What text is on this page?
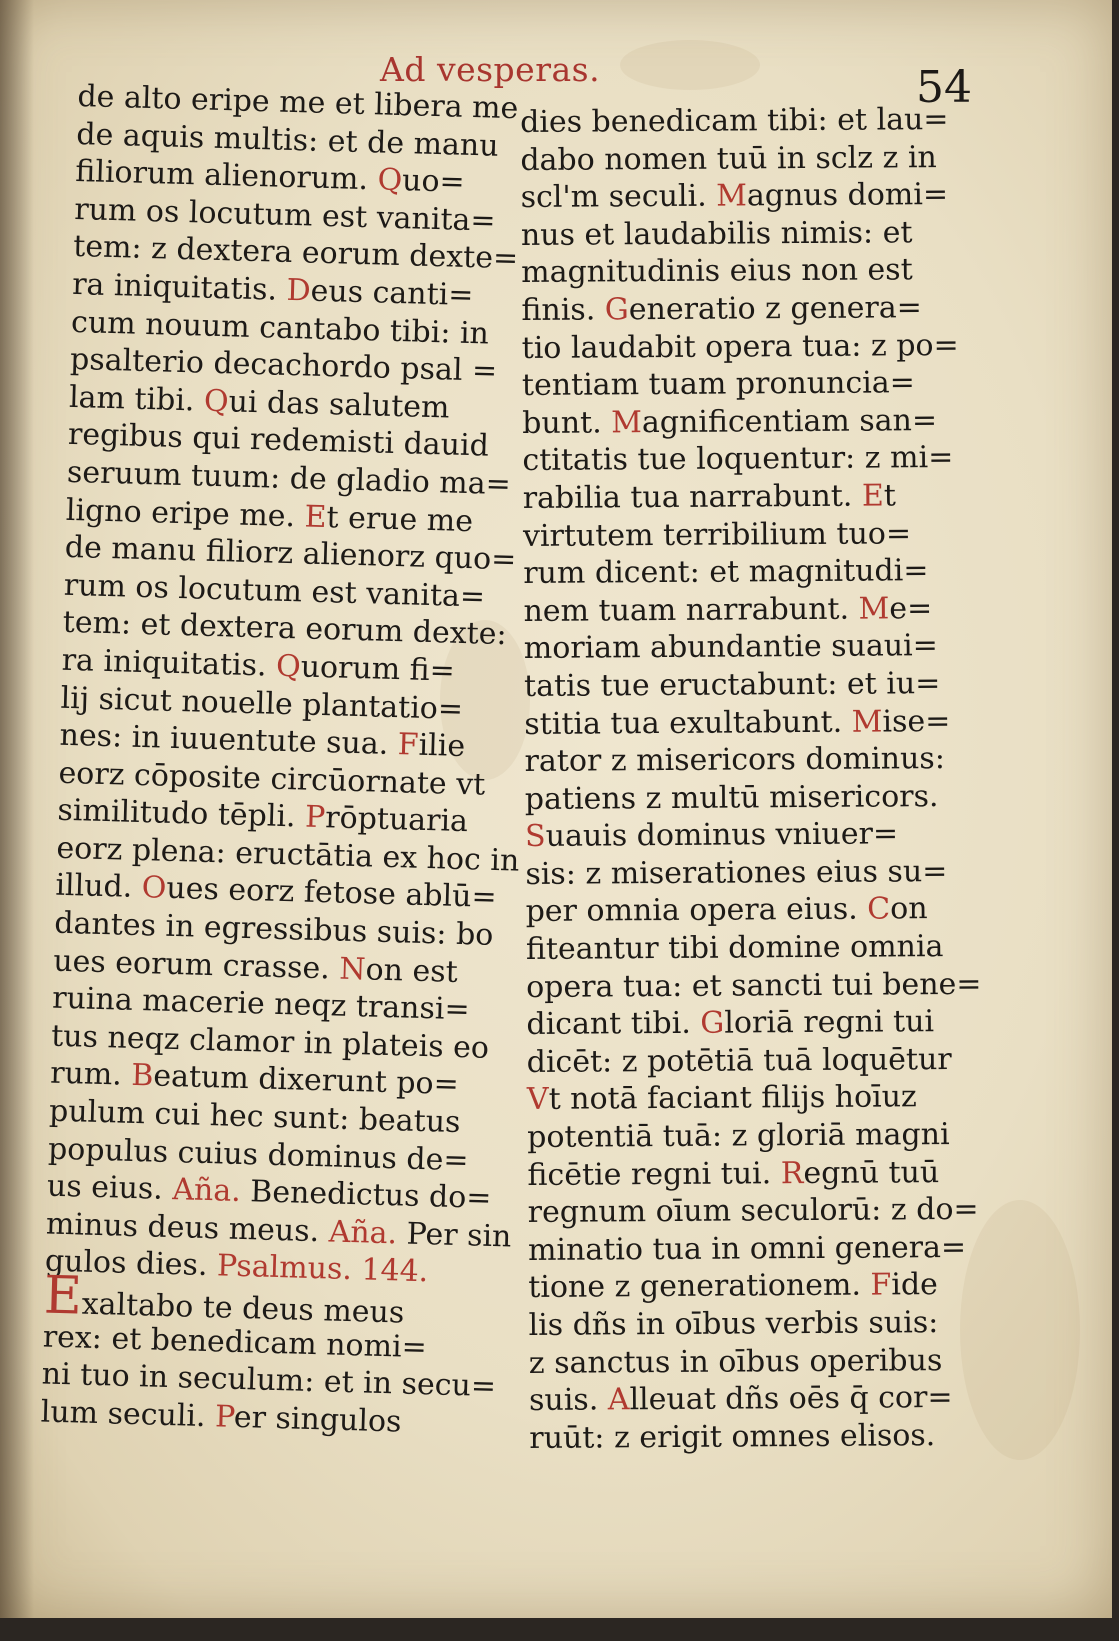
Ad vesperas.	54
de alto eripe me et libera me
de aquis multis: et de manu
filiorum alienorum. Quo=
rum os locutum est vanita=
tem: z dextera eorum dexte=
ra iniquitatis. Deus canti=
cum nouum cantabo tibi: in
psalterio decachordo psal =
lam tibi. Qui das salutem
regibus qui redemisti dauid
seruum tuum: de gladio ma=
ligno eripe me. Et erue me
de manu filiorz alienorz quo=
rum os locutum est vanita=
tem: et dextera eorum dexte:
ra iniquitatis. Quorum fi=
lij sicut nouelle plantatio=
nes: in iuuentute sua. Filie
eorz cōposite circūornate vt
similitudo tēpli. Prōptuaria
eorz plena: eructātia ex hoc in
illud. Oues eorz fetose ablū=
dantes in egressibus suis: bo
ues eorum crasse. Non est
ruina macerie neqz transi=
tus neqz clamor in plateis eo
rum. Beatum dixerunt po=
pulum cui hec sunt: beatus
populus cuius dominus de=
us eius. Aña. Benedictus do=
minus deus meus. Aña. Per sin
gulos dies. Psalmus. 144.
Exaltabo te deus meus
rex: et benedicam nomi=
ni tuo in seculum: et in secu=
lum seculi. Per singulos
dies benedicam tibi: et lau=
dabo nomen tuū in sclz z in
scl'm seculi. Magnus domi=
nus et laudabilis nimis: et
magnitudinis eius non est
finis. Generatio z genera=
tio laudabit opera tua: z po=
tentiam tuam pronuncia=
bunt. Magnificentiam san=
ctitatis tue loquentur: z mi=
rabilia tua narrabunt. Et
virtutem terribilium tuo=
rum dicent: et magnitudi=
nem tuam narrabunt. Me=
moriam abundantie suaui=
tatis tue eructabunt: et iu=
stitia tua exultabunt. Mise=
rator z misericors dominus:
patiens z multū misericors.
Suauis dominus vniuer=
sis: z miserationes eius su=
per omnia opera eius. Con
fiteantur tibi domine omnia
opera tua: et sancti tui bene=
dicant tibi. Gloriā regni tui
dicēt: z potētiā tuā loquētur
Vt notā faciant filijs hoīuz
potentiā tuā: z gloriā magni
ficētie regni tui. Regnū tuū
regnum oīum seculorū: z do=
minatio tua in omni genera=
tione z generationem. Fide
lis dñs in oībus verbis suis:
z sanctus in oībus operibus
suis. Alleuat dñs oēs q̄ cor=
ruūt: z erigit omnes elisos.
